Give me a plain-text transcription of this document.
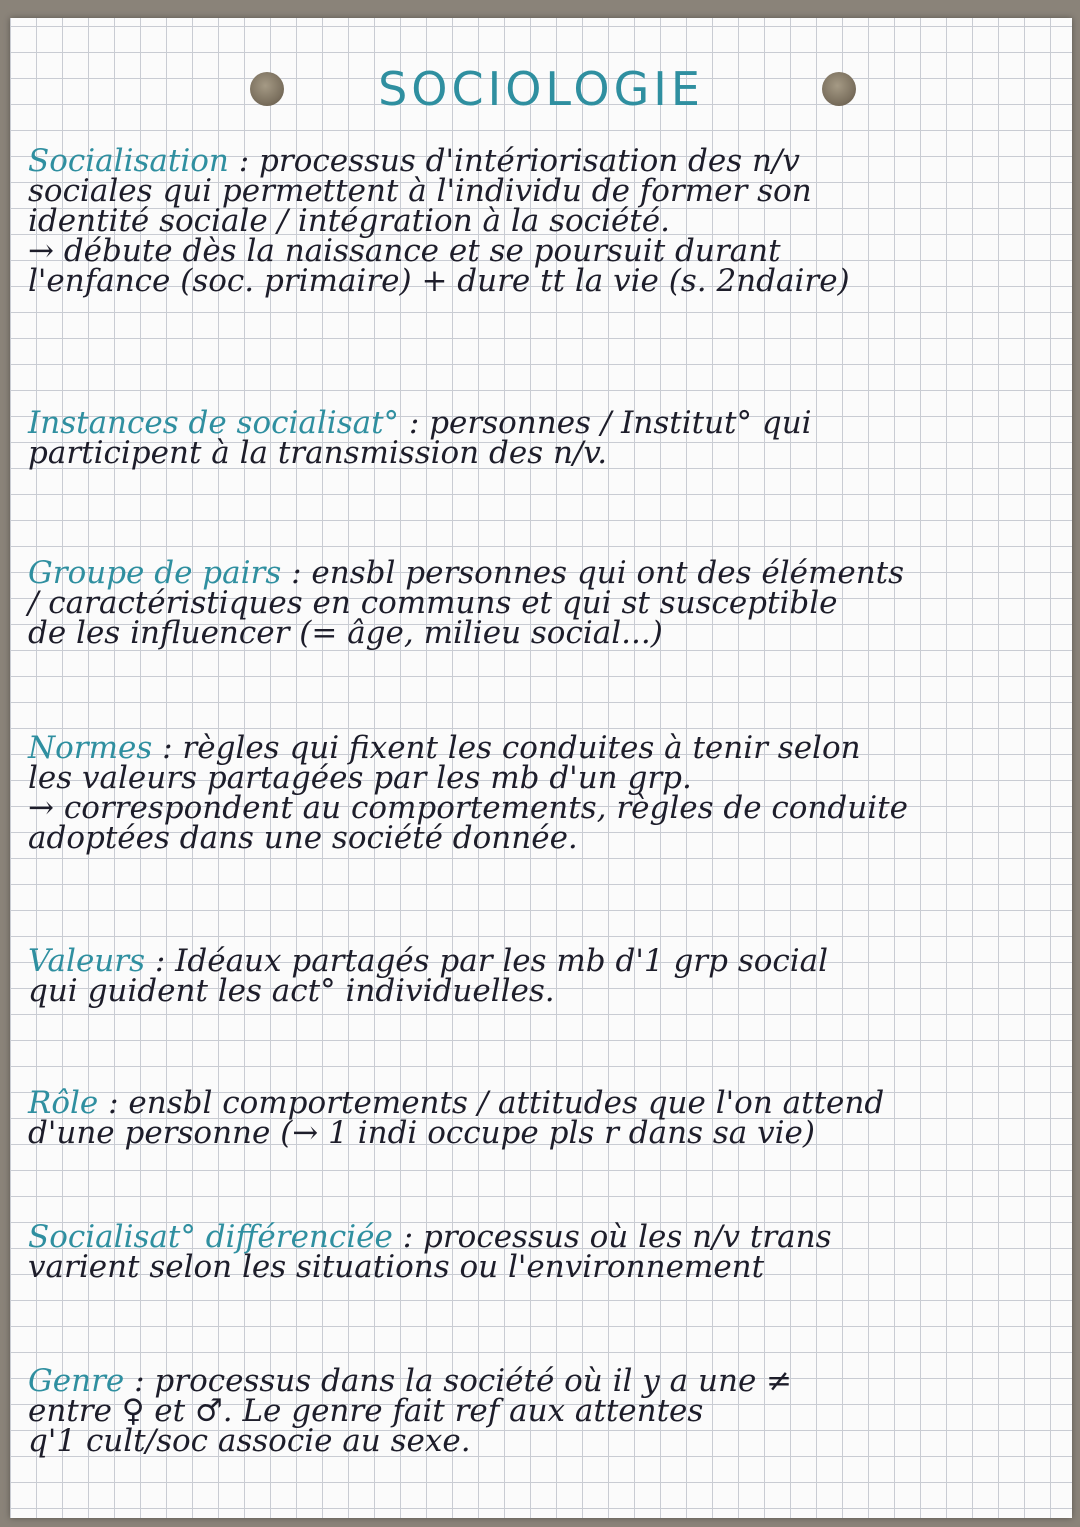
SOCIOLOGIE
Socialisation : processus d'intériorisation des n/v
sociales qui permettent à l'individu de former son
identité sociale / intégration à la société.
→ débute dès la naissance et se poursuit durant
l'enfance (soc. primaire) + dure tt la vie (s. 2ndaire)
Instances de socialisat° : personnes / Institut° qui
participent à la transmission des n/v.
Groupe de pairs : ensbl personnes qui ont des éléments
/ caractéristiques en communs et qui st susceptible
de les influencer (= âge, milieu social...)
Normes : règles qui fixent les conduites à tenir selon
les valeurs partagées par les mb d'un grp.
→ correspondent au comportements, règles de conduite
adoptées dans une société donnée.
Valeurs : Idéaux partagés par les mb d'1 grp social
qui guident les act° individuelles.
Rôle : ensbl comportements / attitudes que l'on attend
d'une personne (→ 1 indi occupe pls r dans sa vie)
Socialisat° différenciée : processus où les n/v trans
varient selon les situations ou l'environnement
Genre : processus dans la société où il y a une ≠
entre ♀ et ♂. Le genre fait ref aux attentes
q'1 cult/soc associe au sexe.
